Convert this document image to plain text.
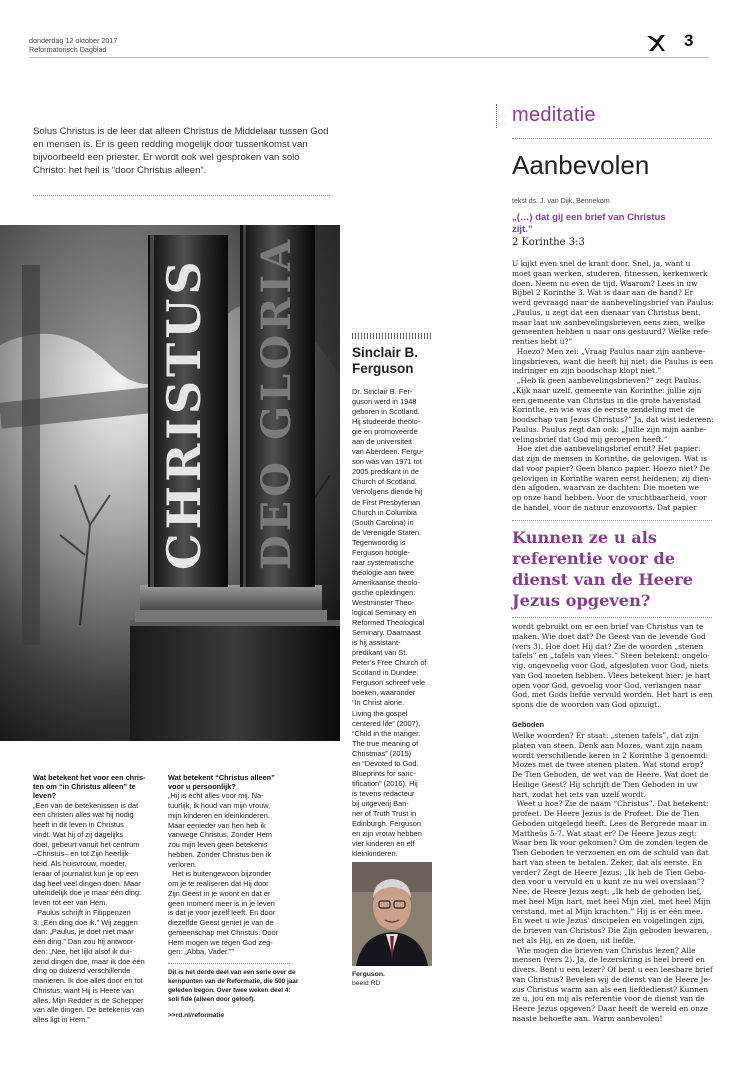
donderdag 12 oktober 2017
Reformatorisch Dagblad	3
Solus Christus is de leer dat alleen Christus de Middelaar tussen God en mensen is. Er is geen redding mogelijk door tussenkomst van bijvoorbeeld een priester. Er wordt ook wel gesproken van solo Christo: het heil is “door Christus alleen”.
CHRISTUS DEO GLORIA	Sinclair B.
Ferguson
Dr. Sinclair B. Fer-
guson werd in 1948
geboren in Scotland.
Hij studeerde theolo-
gie en promoveerde
aan de universiteit
van Aberdeen. Fergu-
son was van 1971 tot
2005 predikant in de
Church of Scotland.
Vervolgens diende hij
de First Presbyterian
Church in Columbia
(South Carolina) in
de Verenigde Staten.
Tegenwoordig is
Ferguson hoogle-
raar systematische
theologie aan twee
Amerikaanse theolo-
gische opleidingen:
Westminster Theo-
logical Seminary en
Reformed Theological
Seminary. Daarnaast
is hij assistant-
predikant van St.
Peter’s Free Church of
Scotland in Dundee.
Ferguson schreef vele
boeken, waaronder
“In Christ alone.
Living the gospel
centered life” (2007),
“Child in the manger.
The true meaning of
Christmas” (2015)
en “Devoted to God.
Blueprints for sanc-
tification” (2016). Hij
is tevens redacteur
bij uitgeverij Ban-
ner of Truth Trust in
Edinburgh. Ferguson
en zijn vrouw hebben
vier kinderen en elf
kleinkinderen.
Ferguson.
beeld RD
Wat betekent het voor een chris-
ten om “in Christus alleen” te
leven?
„Een van de betekenissen is dat
een christen alles wat hij nodig
heeft in dit leven in Christus
vindt. Wat hij of zij dagelijks
doet, gebeurt vanuit het centrum
–Christus– en tot Zijn heerlijk-
heid. Als huisvrouw, moeder,
leraar of journalist kun je op een
dag heel veel dingen doen. Maar
uiteindelijk doe je maar één ding:
leven tot eer van Hem.
Paulus schrijft in Filippenzen
3: „Eén ding doe ik.” Wij zeggen
dan: „Paulus, je doet niet maar
één ding.” Dan zou hij antwoor-
den: „Nee, het lijkt alsof ik dui-
zend dingen doe, maar ik doe één
ding op duizend verschillende
manieren. Ik doe alles door en tot
Christus, want Hij is Heere van
alles. Mijn Redder is de Schepper
van alle dingen. De betekenis van
alles ligt in Hem.”
Wat betekent “Christus alleen”
voor u persoonlijk?
„Hij is echt alles voor mij. Na-
tuurlijk, ik houd van mijn vrouw,
mijn kinderen en kleinkinderen.
Maar eenieder van hen heb ik
vanwege Christus. Zonder Hem
zou mijn leven geen betekenis
hebben. Zonder Christus ben ik
verloren.
Het is buitengewoon bijzonder
om je te realiseren dat Hij door
Zijn Geest in je woont en dat er
geen moment meer is in je leven
is dat je voor jezelf leeft. En door
diezelfde Geest geniet je van de
gemeenschap met Christus. Door
Hem mogen we tegen God zeg-
gen: „Abba, Vader.””
Dit is het derde deel van een serie over de
kernpunten van de Reformatie, die 500 jaar
geleden begon. Over twee weken deel 4:
soli fide (alleen door geloof).
>>rd.nl/reformatie
meditatie
Aanbevolen
tekst ds. J. van Dijk, Bennekom
„(…) dat gij een brief van Christus
zijt.”
2 Korinthe 3:3
U kijkt even snel de krant door. Snel, ja, want u
moet gaan werken, studeren, fitnessen, kerkenwerk
doen. Neem nu even de tijd. Waarom? Lees in uw
Bijbel 2 Korinthe 3. Wat is daar aan de hand? Er
werd gevraagd naar de aanbevelingsbrief van Paulus:
„Paulus, u zegt dat een dienaar van Christus bent,
maar laat uw aanbevelingsbrieven eens zien, welke
gemeenten hebben u naar ons gestuurd? Welke refe-
renties hebt u?”
Hoezo? Men zei: „Vraag Paulus naar zijn aanbeve-
lingsbrieven, want die heeft hij niet; die Paulus is een
indringer en zijn boodschap klopt niet.”
„Heb ik geen aanbevelingsbrieven?” zegt Paulus.
„Kijk naar uzelf, gemeente van Korinthe: jullie zijn
een gemeente van Christus in die grote havenstad
Korinthe, en wie was de eerste zendeling met de
boodschap van Jezus Christus?” Ja, dat wist iedereen:
Paulus. Paulus zegt dan ook: „Jullie zijn mijn aanbe-
velingsbrief dat God mij geroepen heeft.”
Hoe ziet die aanbevelingsbrief eruit? Het papier:
dat zijn de mensen in Korinthe, de gelovigen. Wat is
dat voor papier? Geen blanco papier. Hoezo niet? De
gelovigen in Korinthe waren eerst heidenen; zij dien-
den afgoden, waarvan ze dachten: Die moeten we
op onze hand hebben. Voor de vruchtbaarheid, voor
de handel, voor de natuur enzovoorts. Dat papier
Kunnen ze u als
referentie voor de
dienst van de Heere
Jezus opgeven?
wordt gebruikt om er een brief van Christus van te
maken. Wie doet dat? De Geest van de levende God
(vers 3). Hoe doet Hij dat? Zie de woorden „stenen
tafels” en „tafels van vlees.” Steen betekent: ongelo-
vig, ongevoelig voor God, afgesloten voor God, niets
van God moeten hebben. Vlees betekent hier: je hart
open voor God, gevoelig voor God, verlangen naar
God, met Gods liefde vervuld worden. Het hart is een
spons die de woorden van God opzuigt.
Geboden
Welke woorden? Er staat: „stenen tafels”, dat zijn
platen van steen. Denk aan Mozes, want zijn naam
wordt verschillende keren in 2 Korinthe 3 genoemd:
Mozes met de twee stenen platen. Wat stond erop?
De Tien Geboden, de wet van de Heere. Wat doet de
Heilige Geest? Hij schrijft de Tien Geboden in uw
hart, zodat het iets van uzelf wordt.
Weet u hoe? Zie de naam “Christus”. Dat betekent:
profeet. De Heere Jezus is de Profeet. Die de Tien
Geboden uitgelegd heeft. Lees de Bergrede maar in
Mattheüs 5-7. Wat staat er? De Heere Jezus zegt:
Waar ben Ik voor gekomen? Om de zonden tegen de
Tien Geboden te verzoenen en om de schuld van dat
hart van steen te betalen. Zeker, dat als eerste. En
verder? Zegt de Heere Jezus: „Ik heb de Tien Gebo-
den voor u vervuld en u kunt ze nu wel overslaan”?
Nee, de Heere Jezus zegt: „Ik heb de geboden lief,
met heel Mijn hart, met heel Mijn ziel, met heel Mijn
verstand, met al Mijn krachten.” Hij is er één mee.
En weet u wie Jezus' discipelen en volgelingen zijn,
de brieven van Christus? Die Zijn geboden bewaren,
net als Hij, en ze doen, uit liefde.
Wie mogen die brieven van Christus lezen? Alle
mensen (vers 2). Ja, de lezerskring is heel breed en
divers. Bent u een lezer? Of bent u een leesbare brief
van Christus? Bevelen wij de dienst van de Heere Je-
zus Christus warm aan als een liefdedienst? Kunnen
ze u, jou en mij als referentie voor de dienst van de
Heere Jezus opgeven? Daar heeft de wereld en onze
naaste behoefte aan. Warm aanbevolen!
